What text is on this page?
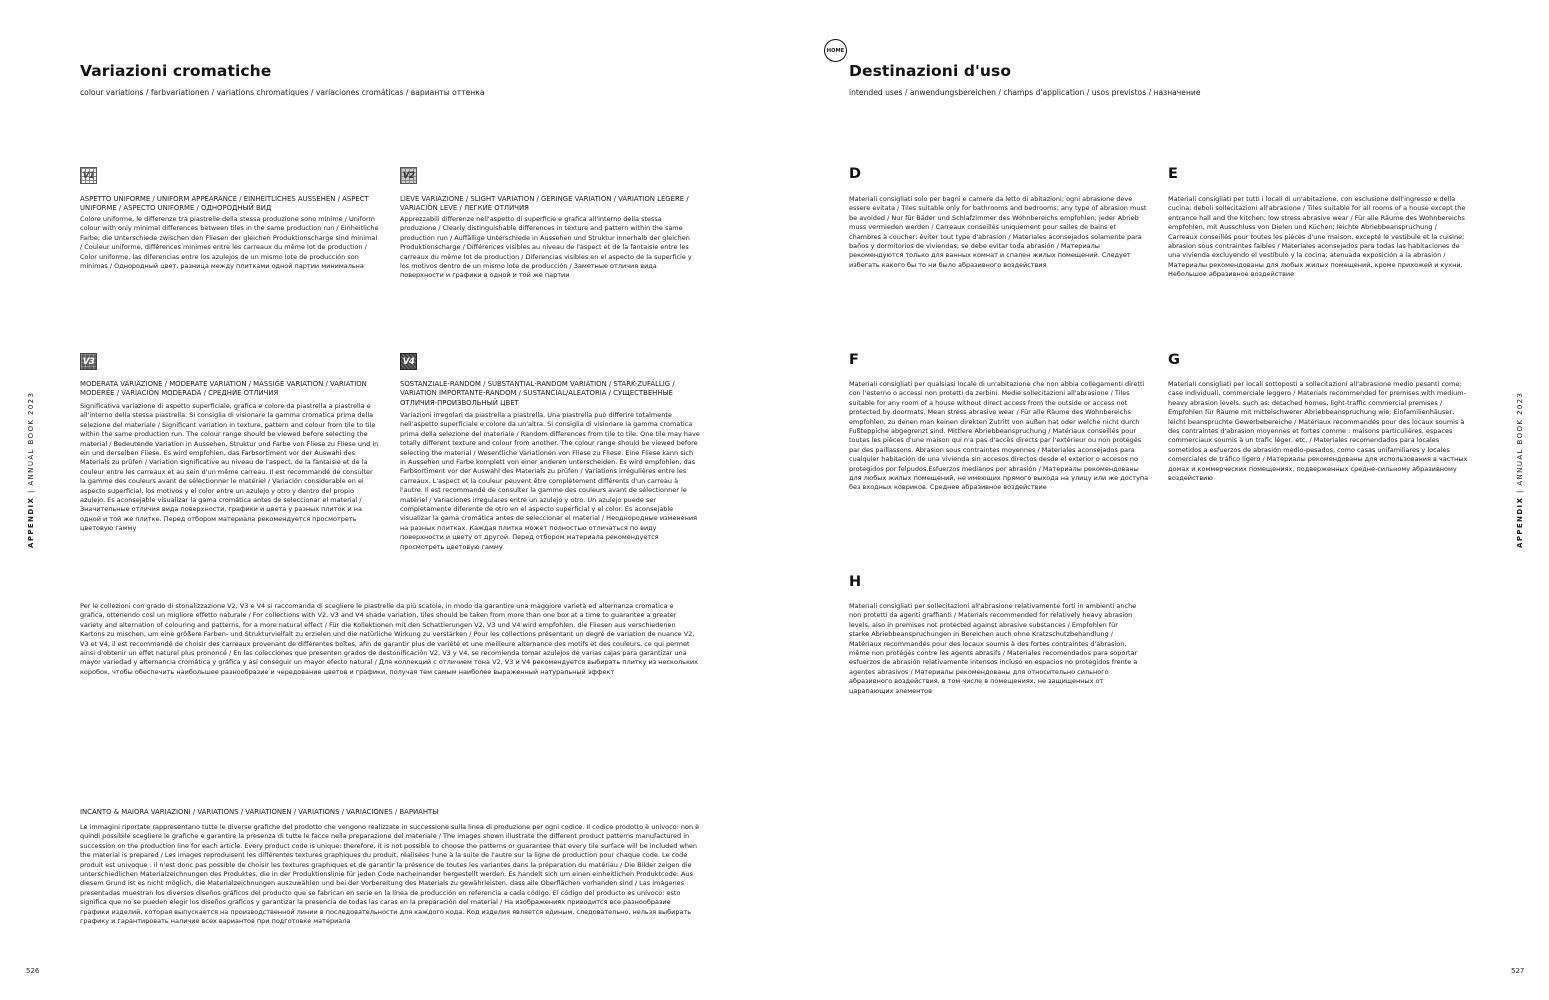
Variazioni cromatiche
colour variations / farbvariationen / variations chromatiques / variaciones cromáticas / варианты оттенка
V1
ASPETTO UNIFORME / UNIFORM APPEARANCE / EINHEITLICHES AUSSEHEN / ASPECT UNIFORME / ASPECTO UNIFORME / ОДНОРОДНЫЙ ВИД
Colore uniforme, le differenze tra piastrelle della stessa produzione sono minime / Uniform colour with only minimal differences between tiles in the same production run / Einheitliche Farbe; die Unterschiede zwischen den Fliesen der gleichen Produktionscharge sind minimal / Couleur uniforme, différences minimes entre les carreaux du même lot de production / Color uniforme, las diferencias entre los azulejos de un mismo lote de producción son mínimas / Однородный цвет, разница между плитками одной партии минимальна
V2
LIEVE VARIAZIONE / SLIGHT VARIATION / GERINGE VARIATION / VARIATION LÉGÈRE / VARIACIÓN LEVE / ЛЕГКИЕ ОТЛИЧИЯ
Apprezzabili differenze nell'aspetto di superficie e grafica all'interno della stessa produzione / Clearly distinguishable differences in texture and pattern within the same production run / Auffällige Unterschiede in Aussehen und Struktur innerhalb der gleichen Produktionscharge / Différences visibles au niveau de l'aspect et de la fantaisie entre les carreaux du même lot de production / Diferencias visibles en el aspecto de la superficie y los motivos dentro de un mismo lote de producción / Заметные отличия вида поверхности и графики в одной и той же партии
V3
MODERATA VARIAZIONE / MODERATE VARIATION / MÄSSIGE VARIATION / VARIATION MODÉRÉE / VARIACIÓN MODERADA / СРЕДНИЕ ОТЛИЧИЯ
Significativa variazione di aspetto superficiale, grafica e colore da piastrella a piastrella e all'interno della stessa piastrella. Si consiglia di visionare la gamma cromatica prima della selezione del materiale / Significant variation in texture, pattern and colour from tile to tile within the same production run. The colour range should be viewed before selecting the material / Bedeutende Variation in Aussehen, Struktur und Farbe von Fliese zu Fliese und in ein und derselben Fliese. Es wird empfohlen, das Farbsortiment vor der Auswahl des Materials zu prüfen / Variation significative au niveau de l'aspect, de la fantaisie et de la couleur entre les carreaux et au sein d'un même carreau. Il est recommandé de consulter la gamme des couleurs avant de sélectionner le matériel / Variación considerable en el aspecto superficial, los motivos y el color entre un azulejo y otro y dentro del propio azulejo. Es aconsejable visualizar la gama cromática antes de seleccionar el material / Значительные отличия вида поверхности, графики и цвета у разных плиток и на одной и той же плитке. Перед отбором материала рекомендуется просмотреть цветовую гамму
V4
SOSTANZIALE-RANDOM / SUBSTANTIAL-RANDOM VARIATION / STARK-ZUFÄLLIG / VARIATION IMPORTANTE-RANDOM / SUSTANCIAL/ALEATORIA / СУЩЕСТВЕННЫЕ ОТЛИЧИЯ-ПРОИЗВОЛЬНЫЙ ЦВЕТ
Variazioni irregolari da piastrella a piastrella. Una piastrella può differire totalmente nell'aspetto superficiale e colore da un'altra. Si consiglia di visionare la gamma cromatica prima della selezione del materiale / Random differences from tile to tile. One tile may have totally different texture and colour from another. The colour range should be viewed before selecting the material / Wesentliche Variationen von Fliese zu Fliese. Eine Fliese kann sich in Aussehen und Farbe komplett von einer anderen unterscheiden. Es wird empfohlen, das Farbsortiment vor der Auswahl des Materials zu prüfen / Variations irrégulières entre les carreaux. L'aspect et la couleur peuvent être complètement différents d'un carreau à l'autre. Il est recommandé de consulter la gamme des couleurs avant de sélectionner le matériel / Variaciones irregulares entre un azulejo y otro. Un azulejo puede ser completamente diferente de otro en el aspecto superficial y el color. Es aconsejable visualizar la gama cromática antes de seleccionar el material / Неоднородные изменения на разных плитках. Каждая плитка может полностью отличаться по виду поверхности и цвету от другой. Перед отбором материала рекомендуется просмотреть цветовую гамму
Per le collezioni con grado di stonalizzazione V2, V3 e V4 si raccomanda di scegliere le piastrelle da più scatole, in modo da garantire una maggiore varietà ed alternanza cromatica e grafica, ottenendo così un migliore effetto naturale / For collections with V2, V3 and V4 shade variation, tiles should be taken from more than one box at a time to guarantee a greater variety and alternation of colouring and patterns, for a more natural effect / Für die Kollektionen mit den Schattierungen V2, V3 und V4 wird empfohlen, die Fliesen aus verschiedenen Kartons zu mischen, um eine größere Farben- und Strukturvielfalt zu erzielen und die natürliche Wirkung zu verstärken / Pour les collections présentant un degré de variation de nuance V2, V3 et V4, il est recommandé de choisir des carreaux provenant de différentes boîtes, afin de garantir plus de variété et une meilleure alternance des motifs et des couleurs, ce qui permet ainsi d'obtenir un effet naturel plus prononcé / En las colecciones que presenten grados de destonificación V2, V3 y V4, se recomienda tomar azulejos de varias cajas para garantizar una mayor variedad y alternancia cromática y gráfica y así conseguir un mayor efecto natural / Для коллекций с отличием тона V2, V3 и V4 рекомендуется выбирать плитку из нескольких коробок, чтобы обеспечить наибольшее разнообразие и чередование цветов и графики, получая тем самым наиболее выраженный натуральный эффект
INCANTO & MAIORA VARIAZIONI / VARIATIONS / VARIATIONEN / VARIATIONS / VARIACIONES / ВАРИАНТЫ
Le immagini riportate rappresentano tutte le diverse grafiche del prodotto che vengono realizzate in successione sulla linea di produzione per ogni codice. Il codice prodotto è univoco: non è quindi possibile scegliere le grafiche e garantire la presenza di tutte le facce nella preparazione del materiale / The images shown illustrate the different product patterns manufactured in succession on the production line for each article. Every product code is unique: therefore, it is not possible to choose the patterns or guarantee that every tile surface will be included when the material is prepared / Les images reproduisent les différentes textures graphiques du produit, réalisées l'une à la suite de l'autre sur la ligne de production pour chaque code. Le code produit est univoque : il n'est donc pas possible de choisir les textures graphiques et de garantir la présence de toutes les variantes dans la préparation du matériau / Die Bilder zeigen die unterschiedlichen Materialzeichnungen des Produktes, die in der Produktionslinie für jeden Code nacheinander hergestellt werden. Es handelt sich um einen einheitlichen Produktcode: Aus diesem Grund ist es nicht möglich, die Materialzeichnungen auszuwählen und bei der Vorbereitung des Materials zu gewährleisten, dass alle Oberflächen vorhanden sind / Las imágenes presentadas muestran los diversos diseños gráficos del producto que se fabrican en serie en la línea de producción en referencia a cada código. El código del producto es unívoco: esto significa que no se pueden elegir los diseños gráficos y garantizar la presencia de todas las caras en la preparación del material / На изображениях приводится все разнообразие графики изделий, которая выпускается на производственной линии в последовательности для каждого кода. Код изделия является единым, следовательно, нельзя выбирать графику и гарантировать наличие всех вариантов при подготовке материала
526
APPENDIX | ANNUAL BOOK 2023
APPENDIX | ANNUAL BOOK 2023
HOME
Destinazioni d'uso
intended uses / anwendungsbereichen / champs d'application / usos previstos / назначение
D
Materiali consigliati solo per bagni e camere da letto di abitazioni; ogni abrasione deve essere evitata / Tiles suitable only for bathrooms and bedrooms; any type of abrasion must be avoided / Nur für Bäder und Schlafzimmer des Wohnbereichs empfohlen; jeder Abrieb muss vermieden werden / Carreaux conseillés uniquement pour salles de bains et chambres à coucher; éviter tout type d'abrasion / Materiales aconsejados solamente para baños y dormitorios de viviendas; se debe evitar toda abrasión / Материалы рекомендуются только для ванных комнат и спален жилых помещений. Следует избегать какого бы то ни было абразивного воздействия
E
Materiali consigliati per tutti i locali di un'abitazione, con esclusione dell'ingresso e della cucina; deboli sollecitazioni all'abrasione / Tiles suitable for all rooms of a house except the entrance hall and the kitchen; low stress abrasive wear / Für alle Räume des Wohnbereichs empfohlen, mit Ausschluss von Dielen und Küchen; leichte Abriebbeanspruchung / Carreaux conseillés pour toutes les pièces d'une maison, excepté le vestibule et la cuisine; abrasion sous contraintes faibles / Materiales aconsejados para todas las habitaciones de una vivienda excluyendo el vestíbulo y la cocina; atenuada exposición a la abrasión / Материалы рекомендованы для любых жилых помещений, кроме прихожей и кухни. Небольшое абразивное воздействие
F
Materiali consigliati per qualsiasi locale di un'abitazione che non abbia collegamenti diretti con l'esterno o accessi non protetti da zerbini. Medie sollecitazioni all'abrasione / Tiles suitable for any room of a house without direct access from the outside or access not protected by doormats. Mean stress abrasive wear / Für alle Räume des Wohnbereichs empfohlen, zu denen man keinen direkten Zutritt von außen hat oder welche nicht durch Fußteppiche abgegrenzt sind. Mittlere Abriebbeanspruchung / Matériaux conseillés pour toutes les pièces d'une maison qui n'a pas d'accès directs par l'extérieur ou non protégés par des paillassons. Abrasion sous contraintes moyennes / Materiales aconsejados para cualquier habitación de una vivienda sin accesos directos desde el exterior o accesos no protegidos por felpudos.Esfuerzos medianos por abrasión / Материалы рекомендованы для любых жилых помещений, не имеющих прямого выхода на улицу или же доступа без входных ковриков. Среднее абразивное воздействие
G
Materiali consigliati per locali sottoposti a sollecitazioni all'abrasione medio pesanti come: case individuali, commerciale leggero / Materials recommended for premises with medium-heavy abrasion levels, such as: detached homes, light-traffic commercial premises / Empfohlen für Räume mit mittelschwerer Abriebbeanspruchung wie: Einfamilienhäuser, leicht beanspruchte Gewerbebereiche / Matériaux recommandés pour des locaux soumis à des contraintes d'abrasion moyennes et fortes comme : maisons particulières, espaces commerciaux soumis à un trafic léger, etc. / Materiales recomendados para locales sometidos a esfuerzos de abrasión medio-pesados, como casas unifamiliares y locales comerciales de tráfico ligero / Материалы рекомендованы для использования в частных домах и коммерческих помещениях, подверженных средне-сильному абразивному воздействию
H
Materiali consigliati per sollecitazioni all'abrasione relativamente forti in ambienti anche non protetti da agenti graffianti / Materials recommended for relatively heavy abrasion levels, also in premises not protected against abrasive substances / Empfohlen für starke Abriebbeanspruchungen in Bereichen auch ohne Kratzschutzbehandlung / Matériaux recommandés pour des locaux soumis à des fortes contraintes d'abrasion, même non protégés contre les agents abrasifs / Materiales recomendados para soportar esfuerzos de abrasión relativamente intensos incluso en espacios no protegidos frente a agentes abrasivos / Материалы рекомендованы для относительно сильного абразивного воздействия, в том числе в помещениях, не защищенных от царапающих элементов
527
